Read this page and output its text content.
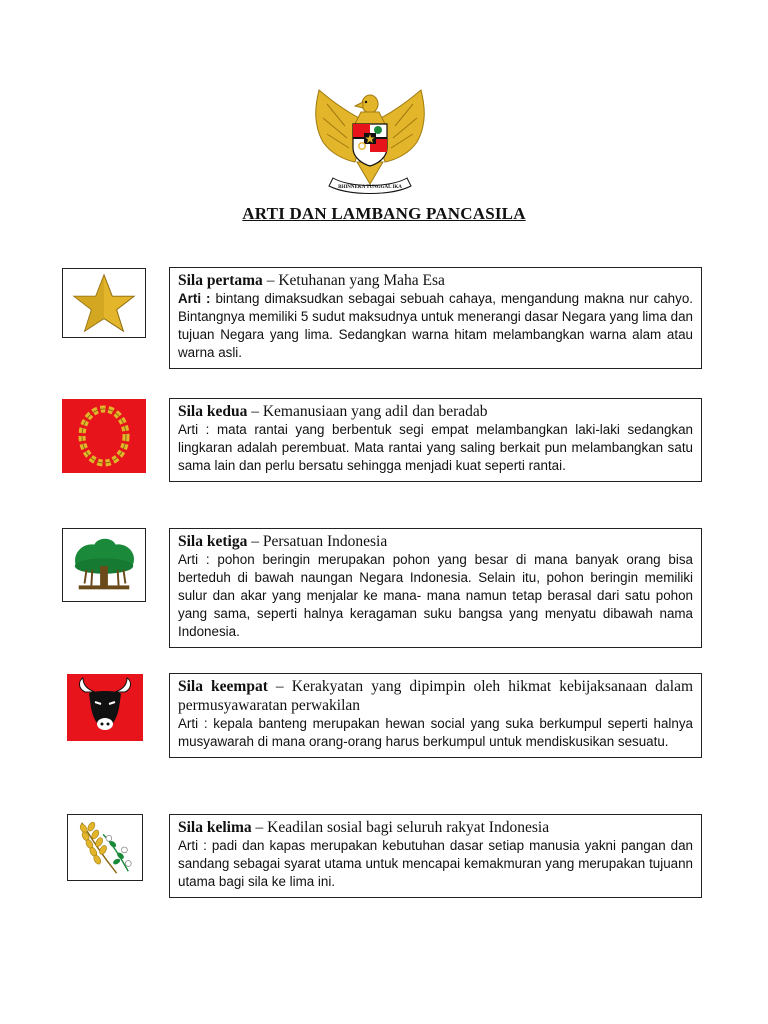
BHINNEKA TUNGGAL IKA
ARTI DAN LAMBANG PANCASILA
Sila pertama – Ketuhanan yang Maha Esa
Arti : bintang dimaksudkan sebagai sebuah cahaya, mengandung makna nur cahyo. Bintangnya memiliki 5 sudut maksudnya untuk menerangi dasar Negara yang lima dan tujuan Negara yang lima. Sedangkan warna hitam melambangkan warna alam atau warna asli.
Sila kedua – Kemanusiaan yang adil dan beradab
Arti : mata rantai yang berbentuk segi empat melambangkan laki-laki sedangkan lingkaran adalah perembuat. Mata rantai yang saling berkait pun melambangkan satu sama lain dan perlu bersatu sehingga menjadi kuat seperti rantai.
Sila ketiga – Persatuan Indonesia
Arti : pohon beringin merupakan pohon yang besar di mana banyak orang bisa berteduh di bawah naungan Negara Indonesia. Selain itu, pohon beringin memiliki sulur dan akar yang menjalar ke mana- mana namun tetap berasal dari satu pohon yang sama, seperti halnya keragaman suku bangsa yang menyatu dibawah nama Indonesia.
Sila keempat – Kerakyatan yang dipimpin oleh hikmat kebijaksanaan dalam permusyawaratan perwakilan
Arti : kepala banteng merupakan hewan social yang suka berkumpul seperti halnya musyawarah di mana orang-orang harus berkumpul untuk mendiskusikan sesuatu.
Sila kelima – Keadilan sosial bagi seluruh rakyat Indonesia
Arti : padi dan kapas merupakan kebutuhan dasar setiap manusia yakni pangan dan sandang sebagai syarat utama untuk mencapai kemakmuran yang merupakan tujuann utama bagi sila ke lima ini.
